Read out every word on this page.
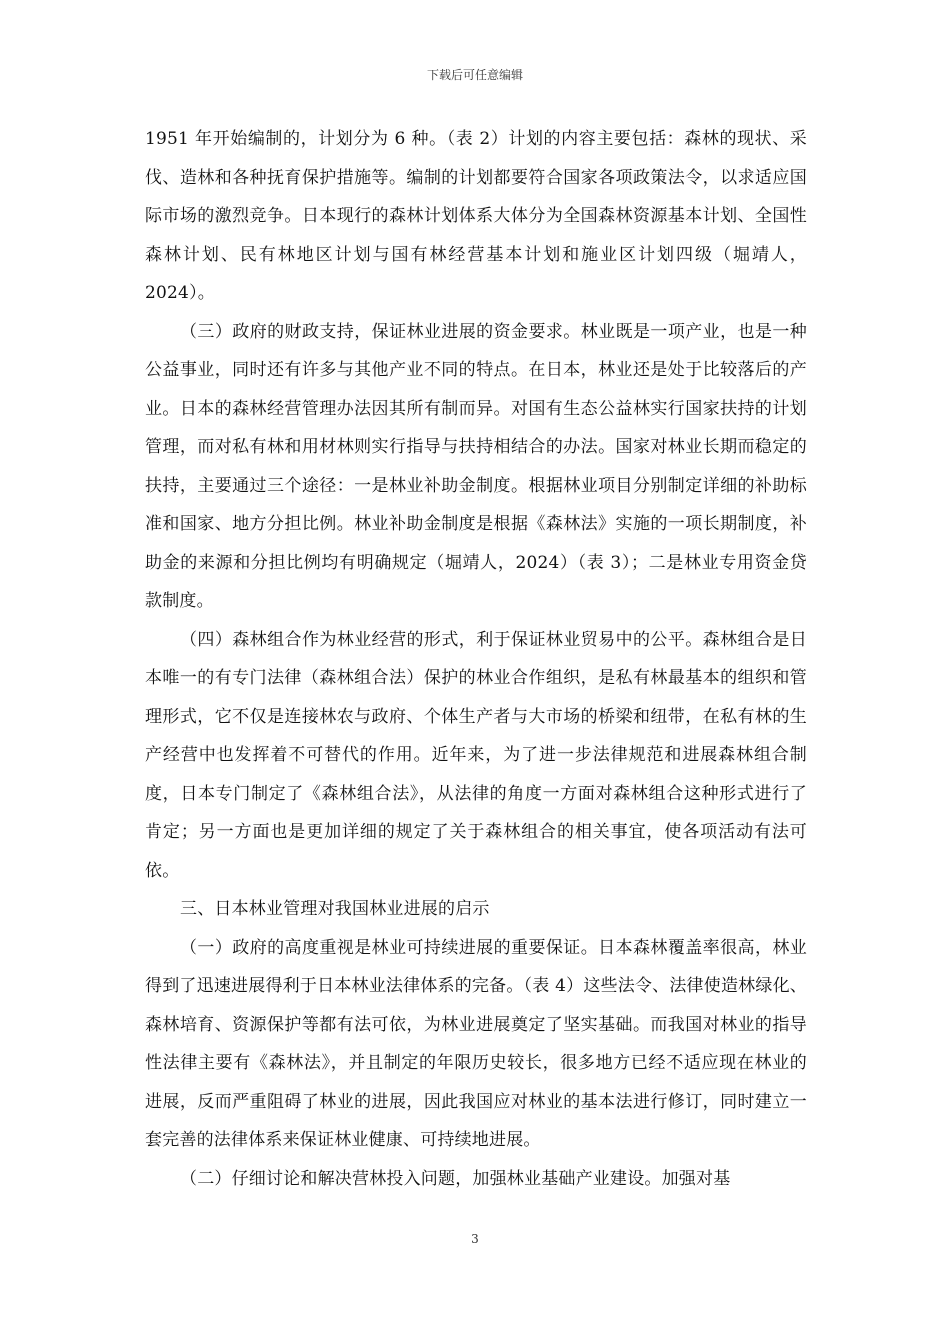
下载后可任意编辑

1951 年开始编制的，计划分为 6 种。（表 2）计划的内容主要包括：森林的现状、采伐、造林和各种抚育保护措施等。编制的计划都要符合国家各项政策法令，以求适应国际市场的激烈竞争。日本现行的森林计划体系大体分为全国森林资源基本计划、全国性森林计划、民有林地区计划与国有林经营基本计划和施业区计划四级（堀靖人，2024）。

（三）政府的财政支持，保证林业进展的资金要求。林业既是一项产业，也是一种公益事业，同时还有许多与其他产业不同的特点。在日本，林业还是处于比较落后的产业。日本的森林经营管理办法因其所有制而异。对国有生态公益林实行国家扶持的计划管理，而对私有林和用材林则实行指导与扶持相结合的办法。国家对林业长期而稳定的扶持，主要通过三个途径：一是林业补助金制度。根据林业项目分别制定详细的补助标准和国家、地方分担比例。林业补助金制度是根据《森林法》实施的一项长期制度，补助金的来源和分担比例均有明确规定（堀靖人，2024）（表 3）；二是林业专用资金贷款制度。

（四）森林组合作为林业经营的形式，利于保证林业贸易中的公平。森林组合是日本唯一的有专门法律（森林组合法）保护的林业合作组织，是私有林最基本的组织和管理形式，它不仅是连接林农与政府、个体生产者与大市场的桥梁和纽带，在私有林的生产经营中也发挥着不可替代的作用。近年来，为了进一步法律规范和进展森林组合制度，日本专门制定了《森林组合法》，从法律的角度一方面对森林组合这种形式进行了肯定；另一方面也是更加详细的规定了关于森林组合的相关事宜，使各项活动有法可依。

三、日本林业管理对我国林业进展的启示

（一）政府的高度重视是林业可持续进展的重要保证。日本森林覆盖率很高，林业得到了迅速进展得利于日本林业法律体系的完备。（表 4）这些法令、法律使造林绿化、森林培育、资源保护等都有法可依，为林业进展奠定了坚实基础。而我国对林业的指导性法律主要有《森林法》，并且制定的年限历史较长，很多地方已经不适应现在林业的进展，反而严重阻碍了林业的进展，因此我国应对林业的基本法进行修订，同时建立一套完善的法律体系来保证林业健康、可持续地进展。

（二）仔细讨论和解决营林投入问题，加强林业基础产业建设。加强对基

3
